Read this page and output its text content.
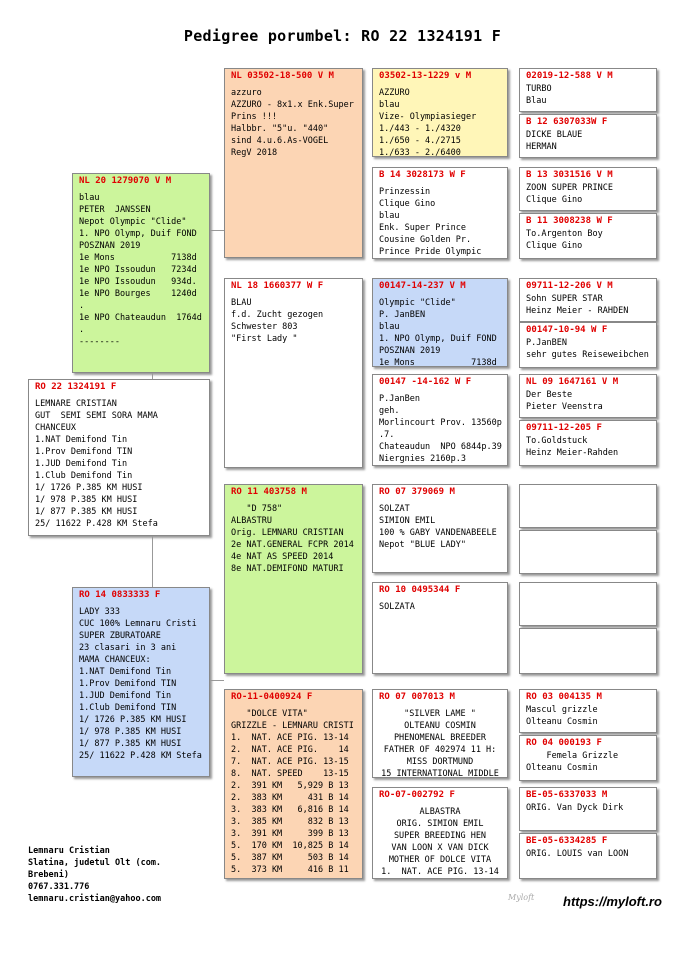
Pedigree porumbel: RO 22 1324191 F
RO 22 1324191 F
LEMNARE CRISTIAN
GUT  SEMI SEMI SORA MAMA
CHANCEUX
1.NAT Demifond Tin
1.Prov Demifond TIN
1.JUD Demifond Tin
1.Club Demifond Tin
1/ 1726 P.385 KM HUSI
1/ 978 P.385 KM HUSI
1/ 877 P.385 KM HUSI
25/ 11622 P.428 KM Stefa
NL 20 1279070 V M
blau
PETER  JANSSEN
Nepot Olympic "Clide"
1. NPO Olymp, Duif FOND
POSZNAN 2019
1e Mons           7138d
1e NPO Issoudun   7234d
1e NPO Issoudun   934d.
1e NPO Bourges    1240d
.
1e NPO Chateaudun  1764d
.
--------
RO 14 0833333 F
LADY 333
CUC 100% Lemnaru Cristi
SUPER ZBURATOARE
23 clasari in 3 ani
MAMA CHANCEUX:
1.NAT Demifond Tin
1.Prov Demifond TIN
1.JUD Demifond Tin
1.Club Demifond TIN
1/ 1726 P.385 KM HUSI
1/ 978 P.385 KM HUSI
1/ 877 P.385 KM HUSI
25/ 11622 P.428 KM Stefa
NL 03502-18-500 V M
azzuro
AZZURO - 8x1.x Enk.Super
Prins !!!
Halbbr. "5"u. "440"
sind 4.u.6.As-VOGEL
RegV 2018
NL 18 1660377 W F
BLAU
f.d. Zucht gezogen
Schwester 803
"First Lady "
RO 11 403758 M
"D 758"
ALBASTRU
Orig. LEMNARU CRISTIAN
2e NAT.GENERAL FCPR 2014
4e NAT AS SPEED 2014
8e NAT.DEMIFOND MATURI
RO-11-0400924 F
"DOLCE VITA"
GRIZZLE - LEMNARU CRISTI
1.  NAT. ACE PIG. 13-14
2.  NAT. ACE PIG.    14
7.  NAT. ACE PIG. 13-15
8.  NAT. SPEED    13-15
2.  391 KM   5,929 B 13
2.  383 KM     431 B 14
3.  383 KM   6,816 B 14
3.  385 KM     832 B 13
3.  391 KM     399 B 13
5.  170 KM  10,825 B 14
5.  387 KM     503 B 14
5.  373 KM     416 B 11
03502-13-1229 v M
AZZURO
blau
Vize- Olympiasieger
1./443 - 1./4320
1./650 - 4./2715
1./633 - 2./6400
B 14 3028173 W F
Prinzessin
Clique Gino
blau
Enk. Super Prince
Cousine Golden Pr.
Prince Pride Olympic
00147-14-237 V M
Olympic "Clide"
P. JanBEN
blau
1. NPO Olymp, Duif FOND
POSZNAN 2019
1e Mons           7138d
00147 -14-162 W F
P.JanBen
geh.
Morlincourt Prov. 13560p
.7.
Chateaudun  NPO 6844p.39
Niergnies 2160p.3
RO 07 379069 M
SOLZAT
SIMION EMIL
100 % GABY VANDENABEELE
Nepot "BLUE LADY"
RO 10 0495344 F
SOLZATA
RO 07 007013 M
"SILVER LAME "
OLTEANU COSMIN
PHENOMENAL BREEDER
FATHER OF 402974 11 H:
MISS DORTMUND
15 INTERNATIONAL MIDDLE
RO-07-002792 F
ALBASTRA
ORIG. SIMION EMIL
SUPER BREEDING HEN
VAN LOON X VAN DICK
MOTHER OF DOLCE VITA
1.  NAT. ACE PIG. 13-14
02019-12-588 V M
TURBO
Blau
B 12 6307033W F
DICKE BLAUE
HERMAN
B 13 3031516 V M
ZOON SUPER PRINCE
Clique Gino
B 11 3008238 W F
To.Argenton Boy
Clique Gino
09711-12-206 V M
Sohn SUPER STAR
Heinz Meier - RAHDEN
00147-10-94 W F
P.JanBEN
sehr gutes Reiseweibchen
NL 09 1647161 V M
Der Beste
Pieter Veenstra
09711-12-205 F
To.Goldstuck
Heinz Meier-Rahden
RO 03 004135 M
Mascul grizzle
Olteanu Cosmin
RO 04 000193 F
Femela Grizzle
Olteanu Cosmin
BE-05-6337033 M
ORIG. Van Dyck Dirk
BE-05-6334285 F
ORIG. LOUIS van LOON
Lemnaru Cristian
Slatina, judetul Olt (com.
Brebeni)
0767.331.776
lemnaru.cristian@yahoo.com	Myloft https://myloft.ro
